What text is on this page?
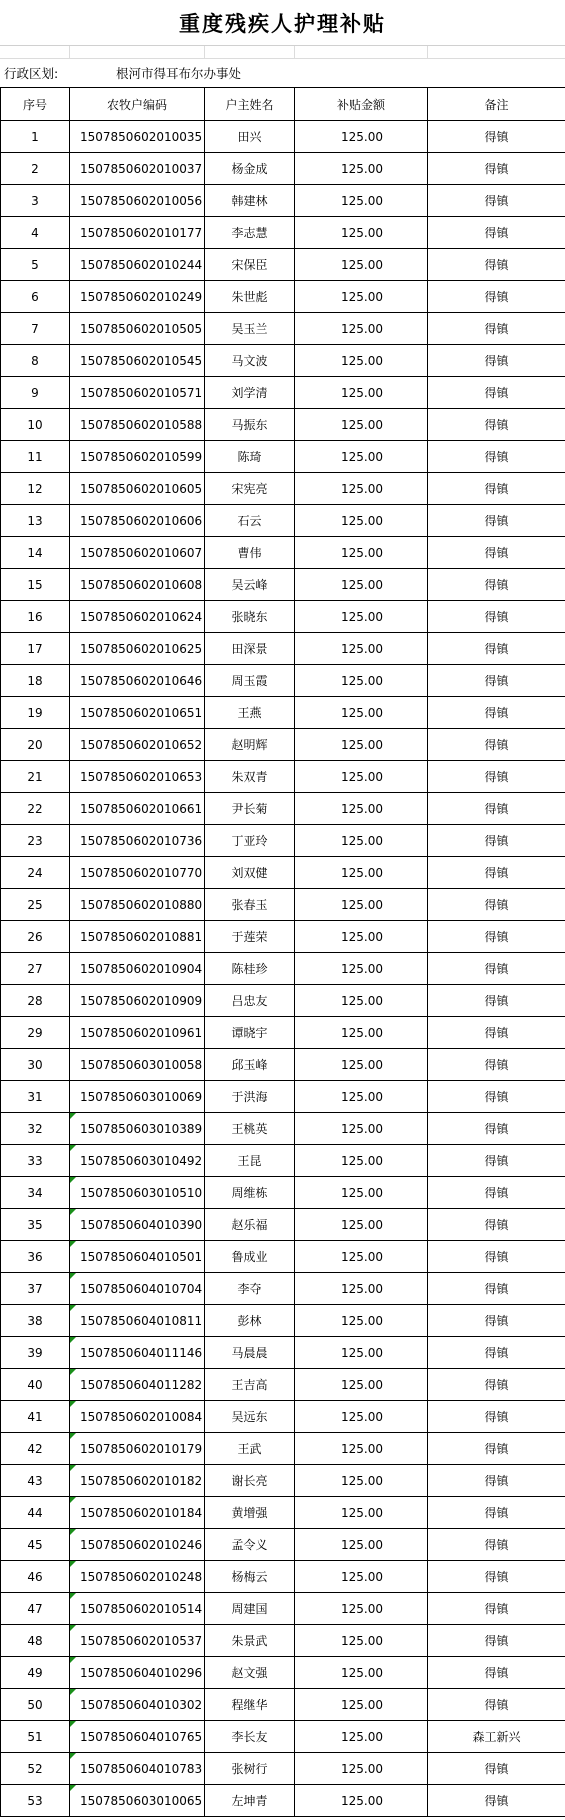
重度残疾人护理补贴
行政区划:	根河市得耳布尔办事处
序号	农牧户编码	户主姓名	补贴金额	备注
1	1507850602010035	田兴	125.00	得镇
2	1507850602010037	杨金成	125.00	得镇
3	1507850602010056	韩建林	125.00	得镇
4	1507850602010177	李志慧	125.00	得镇
5	1507850602010244	宋保臣	125.00	得镇
6	1507850602010249	朱世彪	125.00	得镇
7	1507850602010505	吴玉兰	125.00	得镇
8	1507850602010545	马文波	125.00	得镇
9	1507850602010571	刘学清	125.00	得镇
10	1507850602010588	马振东	125.00	得镇
11	1507850602010599	陈琦	125.00	得镇
12	1507850602010605	宋宪亮	125.00	得镇
13	1507850602010606	石云	125.00	得镇
14	1507850602010607	曹伟	125.00	得镇
15	1507850602010608	吴云峰	125.00	得镇
16	1507850602010624	张晓东	125.00	得镇
17	1507850602010625	田深景	125.00	得镇
18	1507850602010646	周玉霞	125.00	得镇
19	1507850602010651	王燕	125.00	得镇
20	1507850602010652	赵明辉	125.00	得镇
21	1507850602010653	朱双青	125.00	得镇
22	1507850602010661	尹长菊	125.00	得镇
23	1507850602010736	丁亚玲	125.00	得镇
24	1507850602010770	刘双健	125.00	得镇
25	1507850602010880	张春玉	125.00	得镇
26	1507850602010881	于莲荣	125.00	得镇
27	1507850602010904	陈桂珍	125.00	得镇
28	1507850602010909	吕忠友	125.00	得镇
29	1507850602010961	谭晓宇	125.00	得镇
30	1507850603010058	邱玉峰	125.00	得镇
31	1507850603010069	于洪海	125.00	得镇
32	1507850603010389	王桃英	125.00	得镇
33	1507850603010492	王昆	125.00	得镇
34	1507850603010510	周维栋	125.00	得镇
35	1507850604010390	赵乐福	125.00	得镇
36	1507850604010501	鲁成业	125.00	得镇
37	1507850604010704	李夺	125.00	得镇
38	1507850604010811	彭林	125.00	得镇
39	1507850604011146	马晨晨	125.00	得镇
40	1507850604011282	王吉高	125.00	得镇
41	1507850602010084	吴远东	125.00	得镇
42	1507850602010179	王武	125.00	得镇
43	1507850602010182	谢长亮	125.00	得镇
44	1507850602010184	黄增强	125.00	得镇
45	1507850602010246	孟令义	125.00	得镇
46	1507850602010248	杨梅云	125.00	得镇
47	1507850602010514	周建国	125.00	得镇
48	1507850602010537	朱景武	125.00	得镇
49	1507850604010296	赵文强	125.00	得镇
50	1507850604010302	程继华	125.00	得镇
51	1507850604010765	李长友	125.00	森工新兴
52	1507850604010783	张树行	125.00	得镇
53	1507850603010065	左坤青	125.00	得镇
